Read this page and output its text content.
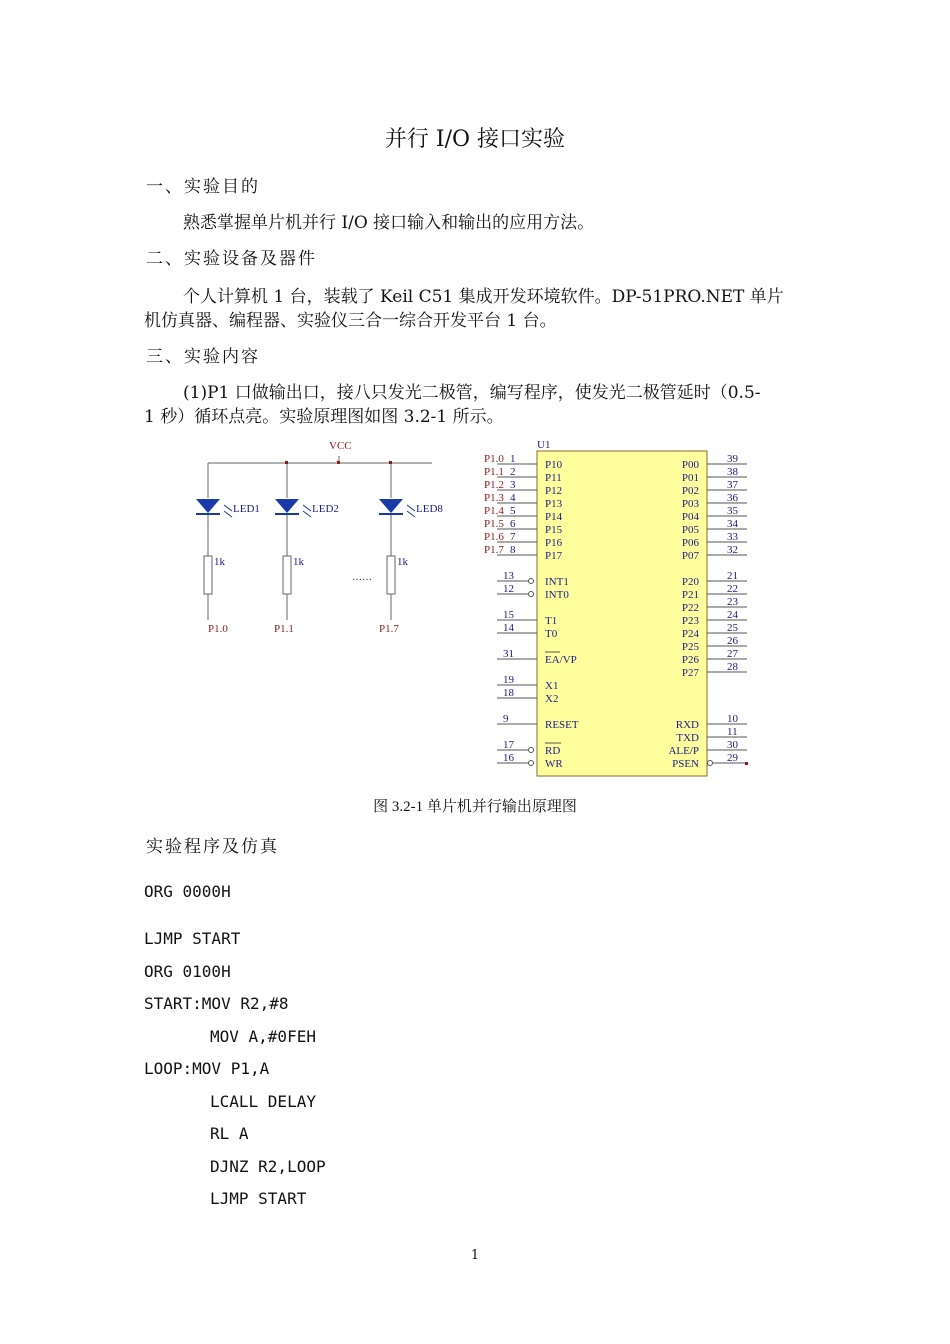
并行 I/O 接口实验
一、实验目的
熟悉掌握单片机并行 I/O 接口输入和输出的应用方法。
二、实验设备及器件
个人计算机 1 台，装载了 Keil C51 集成开发环境软件。DP-51PRO.NET 单片
机仿真器、编程器、实验仪三合一综合开发平台 1 台。
三、实验内容
(1)P1 口做输出口，接八只发光二极管，编写程序，使发光二极管延时（0.5-
1 秒）循环点亮。实验原理图如图 3.2-1 所示。
VCC
LED1	LED2	LED8
1k	1k	1k
……
P1.0	P1.1	P1.7
U1
P1.0 1	P10	P00	39
P1.1 2	P11	P01	38
P1.2 3	P12	P02	37
P1.3 4	P13	P03	36
P1.4 5	P14	P04	35
P1.5 6	P15	P05	34
P1.6 7	P16	P06	33
P1.7 8	P17	P07	32
P20	21
P21	22
P22	23
P23	24
P24	25
P25	26
P26	27
P27	28
13	INT1
12	INT0
15	T1
14	T0
31	EA/VP
19	X1
18	X2
9	RESET
17	RD
16	WR
RXD	10
TXD	11
ALE/P	30
PSEN	29
图 3.2-1 单片机并行输出原理图
实验程序及仿真
ORG 0000H
LJMP START
ORG 0100H
START:MOV R2,#8
MOV A,#0FEH
LOOP:MOV P1,A
LCALL DELAY
RL A
DJNZ R2,LOOP
LJMP START
1
